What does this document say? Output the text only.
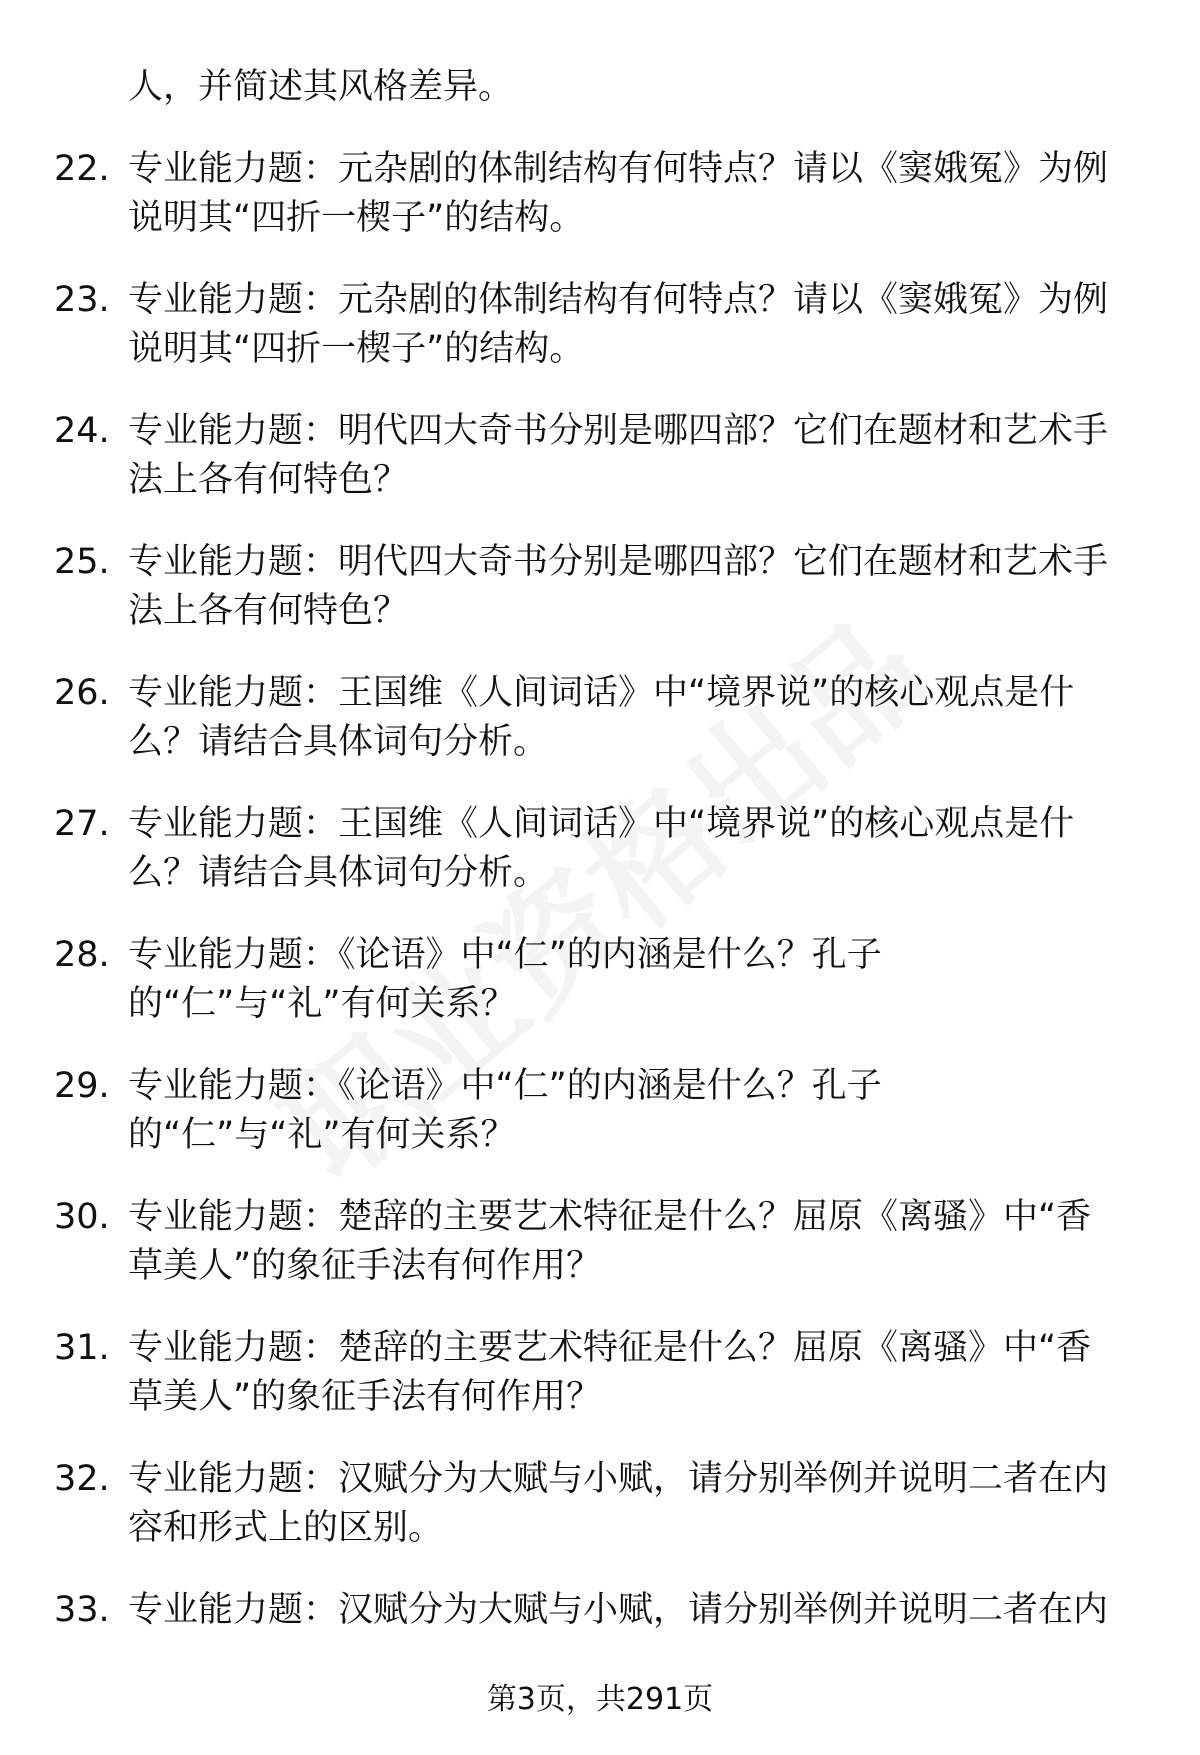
人，并简述其风格差异。
22. 专业能力题：元杂剧的体制结构有何特点？请以《窦娥冤》为例
说明其“四折一楔子”的结构。
23. 专业能力题：元杂剧的体制结构有何特点？请以《窦娥冤》为例
说明其“四折一楔子”的结构。
24. 专业能力题：明代四大奇书分别是哪四部？它们在题材和艺术手
法上各有何特色？
25. 专业能力题：明代四大奇书分别是哪四部？它们在题材和艺术手
法上各有何特色？
26. 专业能力题：王国维《人间词话》中“境界说”的核心观点是什
么？请结合具体词句分析。
27. 专业能力题：王国维《人间词话》中“境界说”的核心观点是什
么？请结合具体词句分析。
28. 专业能力题：《论语》中“仁”的内涵是什么？孔子
的“仁”与“礼”有何关系？
29. 专业能力题：《论语》中“仁”的内涵是什么？孔子
的“仁”与“礼”有何关系？
30. 专业能力题：楚辞的主要艺术特征是什么？屈原《离骚》中“香
草美人”的象征手法有何作用？
31. 专业能力题：楚辞的主要艺术特征是什么？屈原《离骚》中“香
草美人”的象征手法有何作用？
32. 专业能力题：汉赋分为大赋与小赋，请分别举例并说明二者在内
容和形式上的区别。
33. 专业能力题：汉赋分为大赋与小赋，请分别举例并说明二者在内
第3页，共291页
